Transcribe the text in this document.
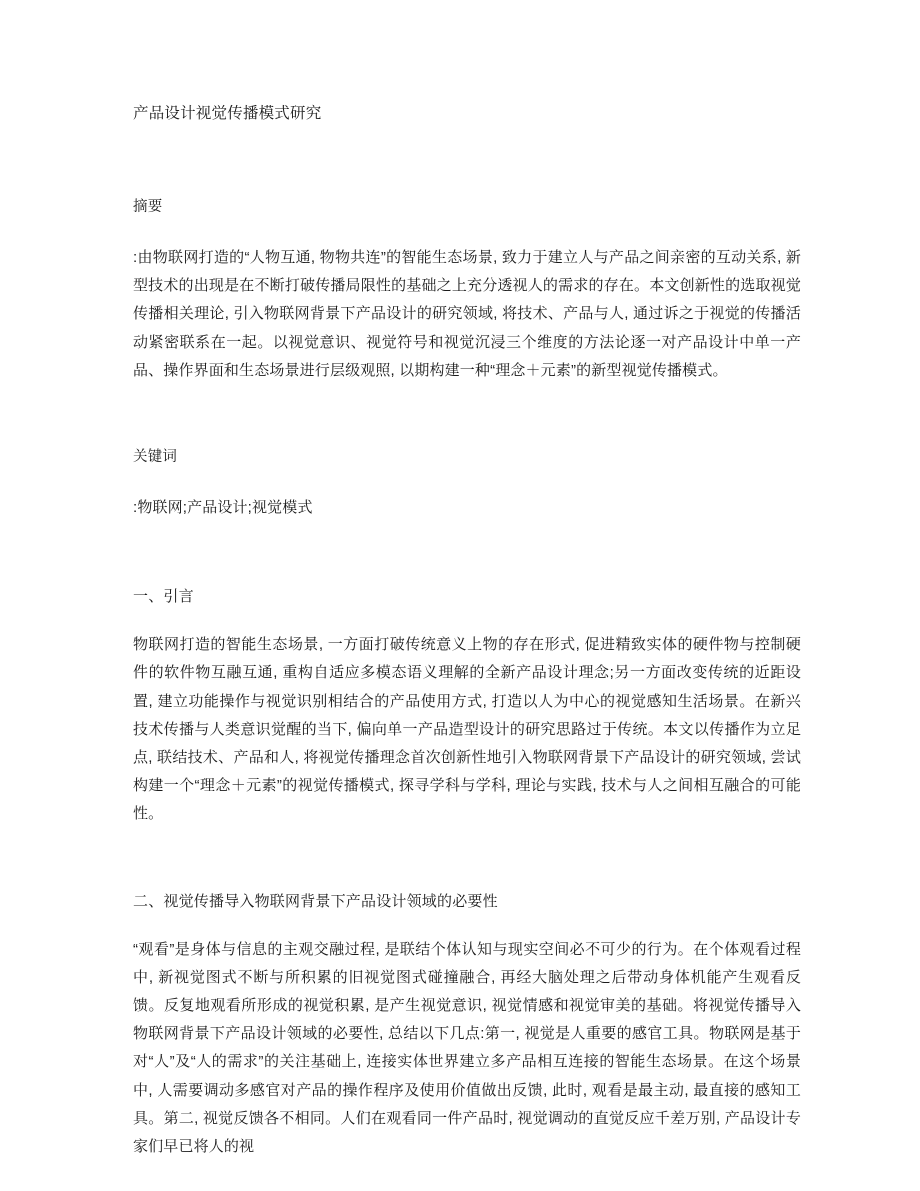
产品设计视觉传播模式研究
摘要

:由物联网打造的“人物互通, 物物共连”的智能生态场景, 致力于建立人与产品之间亲密的互动关系, 新型技术的出现是在不断打破传播局限性的基础之上充分透视人的需求的存在。本文创新性的选取视觉传播相关理论, 引入物联网背景下产品设计的研究领域, 将技术、产品与人, 通过诉之于视觉的传播活动紧密联系在一起。以视觉意识、视觉符号和视觉沉浸三个维度的方法论逐一对产品设计中单一产品、操作界面和生态场景进行层级观照, 以期构建一种“理念＋元素”的新型视觉传播模式。

关键词

:物联网;产品设计;视觉模式

一、引言

物联网打造的智能生态场景, 一方面打破传统意义上物的存在形式, 促进精致实体的硬件物与控制硬件的软件物互融互通, 重构自适应多模态语义理解的全新产品设计理念;另一方面改变传统的近距设置, 建立功能操作与视觉识别相结合的产品使用方式, 打造以人为中心的视觉感知生活场景。在新兴技术传播与人类意识觉醒的当下, 偏向单一产品造型设计的研究思路过于传统。本文以传播作为立足点, 联结技术、产品和人, 将视觉传播理念首次创新性地引入物联网背景下产品设计的研究领域, 尝试构建一个“理念＋元素”的视觉传播模式, 探寻学科与学科, 理论与实践, 技术与人之间相互融合的可能性。

二、视觉传播导入物联网背景下产品设计领域的必要性

“观看”是身体与信息的主观交融过程, 是联结个体认知与现实空间必不可少的行为。在个体观看过程中, 新视觉图式不断与所积累的旧视觉图式碰撞融合, 再经大脑处理之后带动身体机能产生观看反馈。反复地观看所形成的视觉积累, 是产生视觉意识, 视觉情感和视觉审美的基础。将视觉传播导入物联网背景下产品设计领域的必要性, 总结以下几点:第一, 视觉是人重要的感官工具。物联网是基于对“人”及“人的需求”的关注基础上, 连接实体世界建立多产品相互连接的智能生态场景。在这个场景中, 人需要调动多感官对产品的操作程序及使用价值做出反馈, 此时, 观看是最主动, 最直接的感知工具。第二, 视觉反馈各不相同。人们在观看同一件产品时, 视觉调动的直觉反应千差万别, 产品设计专家们早已将人的视
